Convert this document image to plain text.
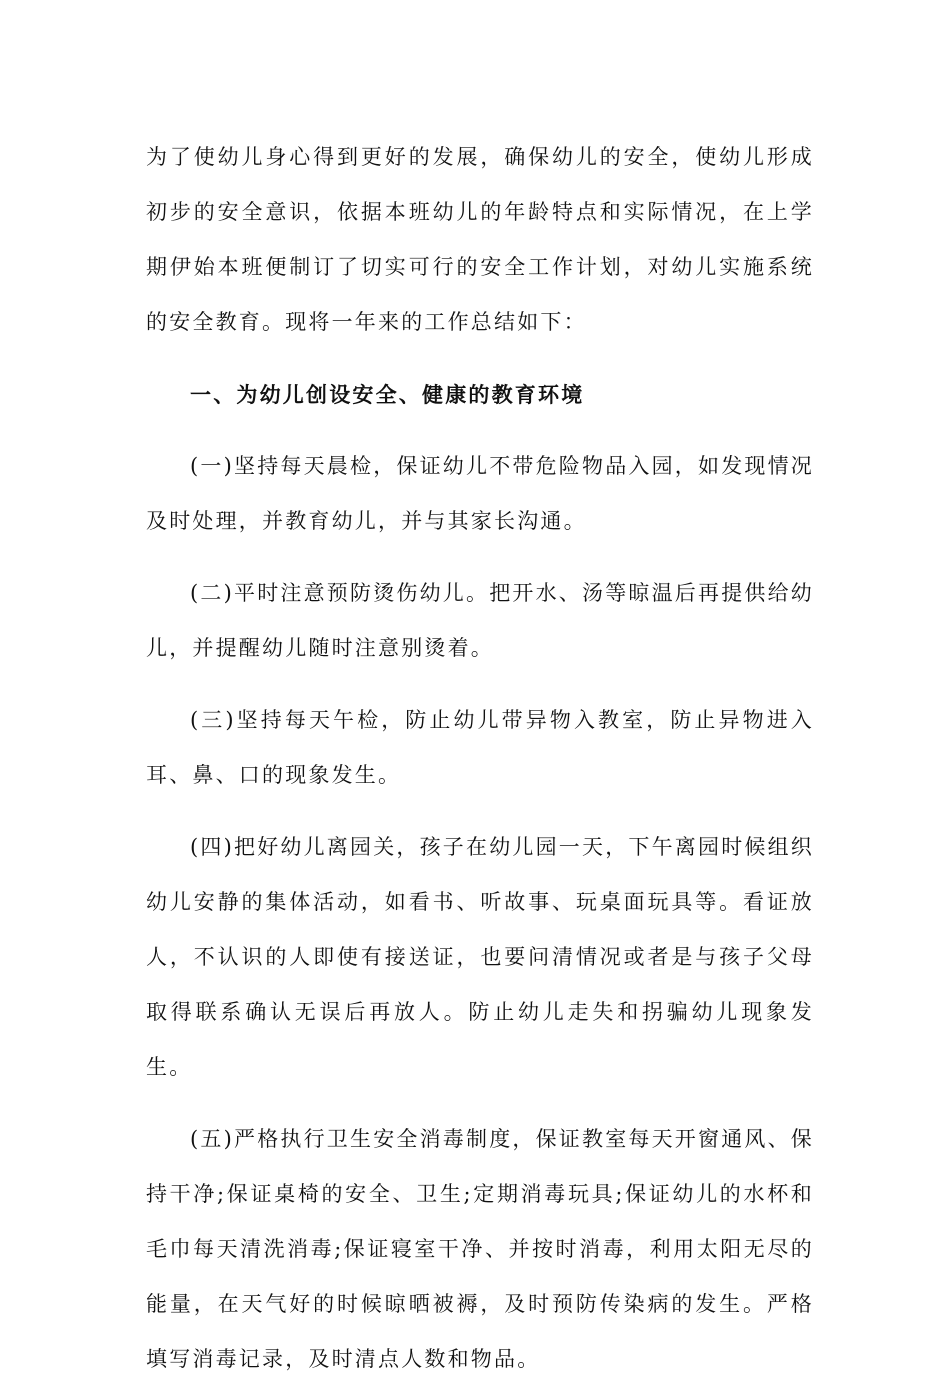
为了使幼儿身心得到更好的发展，确保幼儿的安全，使幼儿形成初步的安全意识，依据本班幼儿的年龄特点和实际情况，在上学期伊始本班便制订了切实可行的安全工作计划，对幼儿实施系统的安全教育。现将一年来的工作总结如下：

一、为幼儿创设安全、健康的教育环境

(一)坚持每天晨检，保证幼儿不带危险物品入园，如发现情况及时处理，并教育幼儿，并与其家长沟通。

(二)平时注意预防烫伤幼儿。把开水、汤等晾温后再提供给幼儿，并提醒幼儿随时注意别烫着。

(三)坚持每天午检，防止幼儿带异物入教室，防止异物进入耳、鼻、口的现象发生。

(四)把好幼儿离园关，孩子在幼儿园一天，下午离园时候组织幼儿安静的集体活动，如看书、听故事、玩桌面玩具等。看证放人，不认识的人即使有接送证，也要问清情况或者是与孩子父母取得联系确认无误后再放人。防止幼儿走失和拐骗幼儿现象发生。

(五)严格执行卫生安全消毒制度，保证教室每天开窗通风、保持干净;保证桌椅的安全、卫生;定期消毒玩具;保证幼儿的水杯和毛巾每天清洗消毒;保证寝室干净、并按时消毒，利用太阳无尽的能量，在天气好的时候晾晒被褥，及时预防传染病的发生。严格填写消毒记录，及时清点人数和物品。
